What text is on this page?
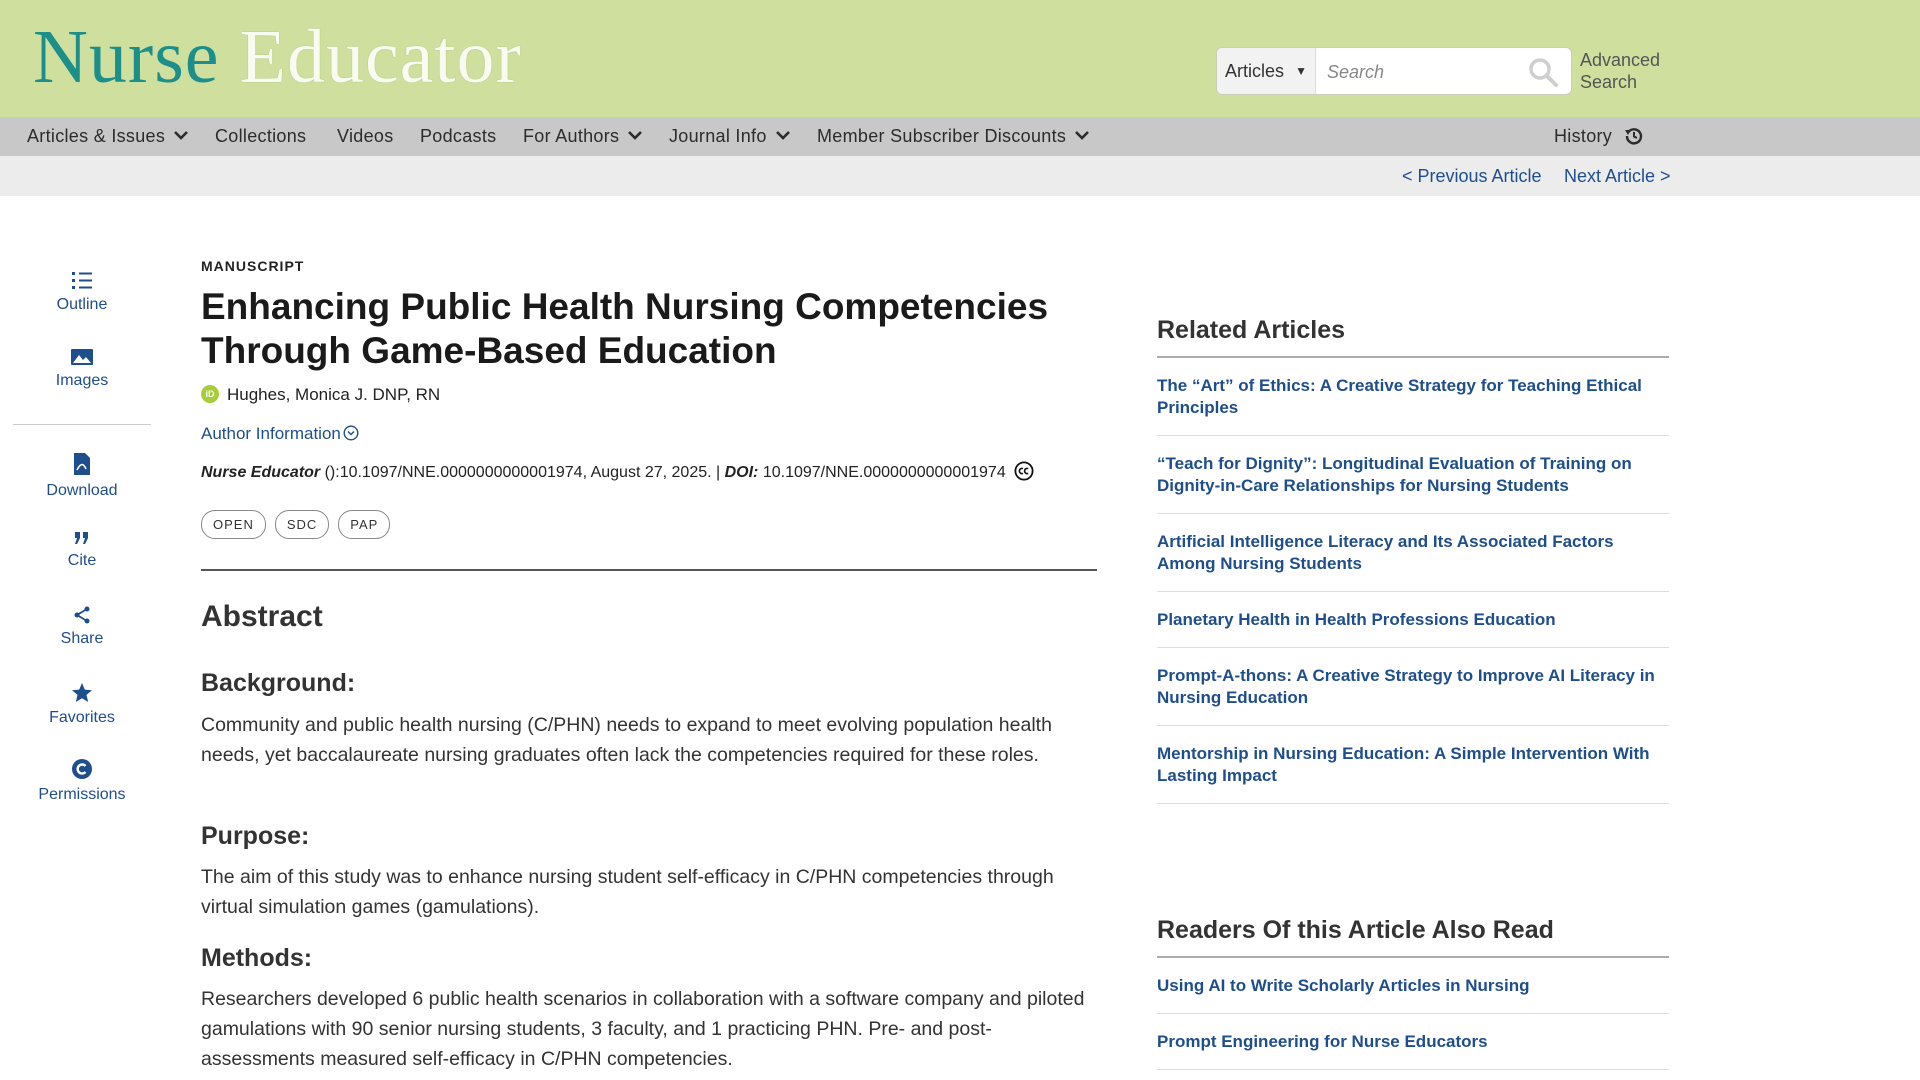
Nurse Educator	Articles ▼
Search
Advanced
Search
Articles & Issues	Collections Videos Podcasts For Authors	Journal Info	Member Subscriber Discounts	History
< Previous Article Next Article >
Outline
Images
Download
Cite
Share
Favorites
Permissions
MANUSCRIPT
Enhancing Public Health Nursing Competencies Through Game-Based Education
iD Hughes, Monica J. DNP, RN
Author Information
Nurse Educator ():10.1097/NNE.0000000000001974, August 27, 2025. | DOI: 10.1097/NNE.0000000000001974
OPEN	SDC	PAP
Abstract
Background:

Community and public health nursing (C/PHN) needs to expand to meet evolving population health needs, yet baccalaureate nursing graduates often lack the competencies required for these roles.

Purpose:

The aim of this study was to enhance nursing student self-efficacy in C/PHN competencies through virtual simulation games (gamulations).

Methods:

Researchers developed 6 public health scenarios in collaboration with a software company and piloted gamulations with 90 senior nursing students, 3 faculty, and 1 practicing PHN. Pre- and post-assessments measured self-efficacy in C/PHN competencies.

Related Articles
The “Art” of Ethics: A Creative Strategy for Teaching Ethical Principles
“Teach for Dignity”: Longitudinal Evaluation of Training on Dignity-in-Care Relationships for Nursing Students
Artificial Intelligence Literacy and Its Associated Factors Among Nursing Students
Planetary Health in Health Professions Education
Prompt-A-thons: A Creative Strategy to Improve AI Literacy in Nursing Education
Mentorship in Nursing Education: A Simple Intervention With Lasting Impact
Readers Of this Article Also Read
Using AI to Write Scholarly Articles in Nursing
Prompt Engineering for Nurse Educators
